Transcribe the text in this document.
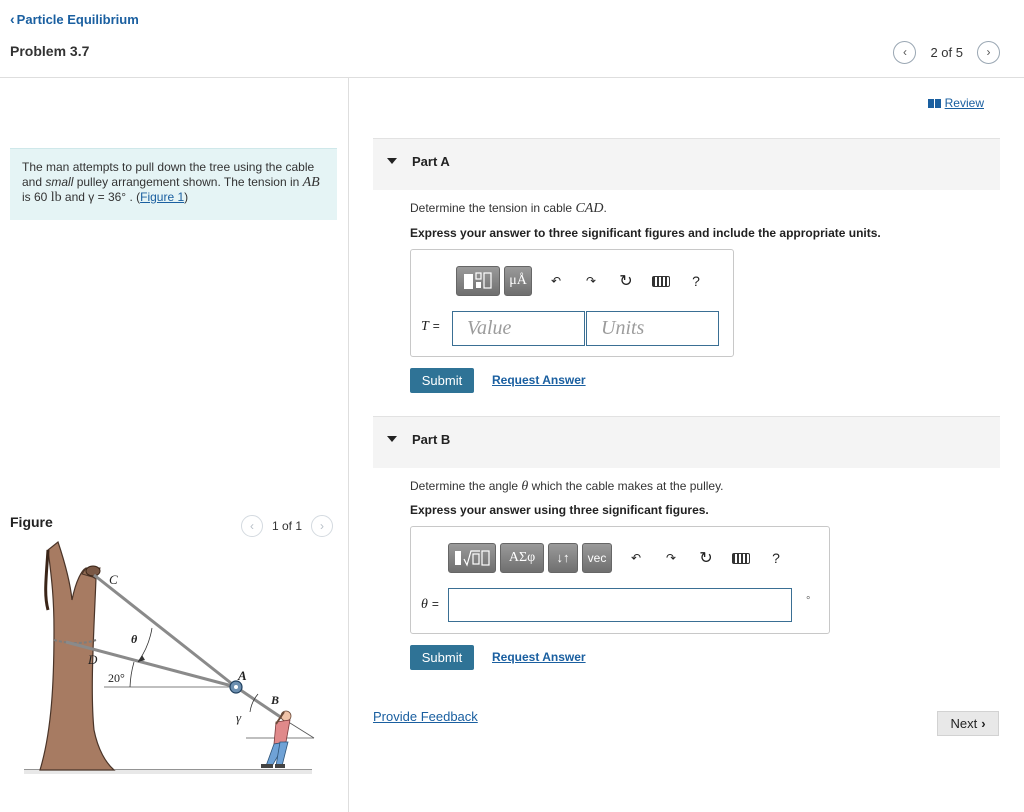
‹ Particle Equilibrium
Problem 3.7	‹ 2 of 5 ›
The man attempts to pull down the tree using the cable and small pulley arrangement shown. The tension in AB is 60 lb and γ = 36° . (Figure 1)
Figure	‹ 1 of 1 ›
C
D
θ
20°	A
B
γ
Review
Part A
Determine the tension in cable CAD.
Express your answer to three significant figures and include the appropriate units.
μÅ	↶	↷	↻	?
T =
Value
Units
Submit	Request Answer
Part B
Determine the angle θ which the cable makes at the pulley.
Express your answer using three significant figures.
ΑΣφ	↓↑	vec	↶	↷	↻	?
θ =	°
Submit	Request Answer
Provide Feedback	Next ›
